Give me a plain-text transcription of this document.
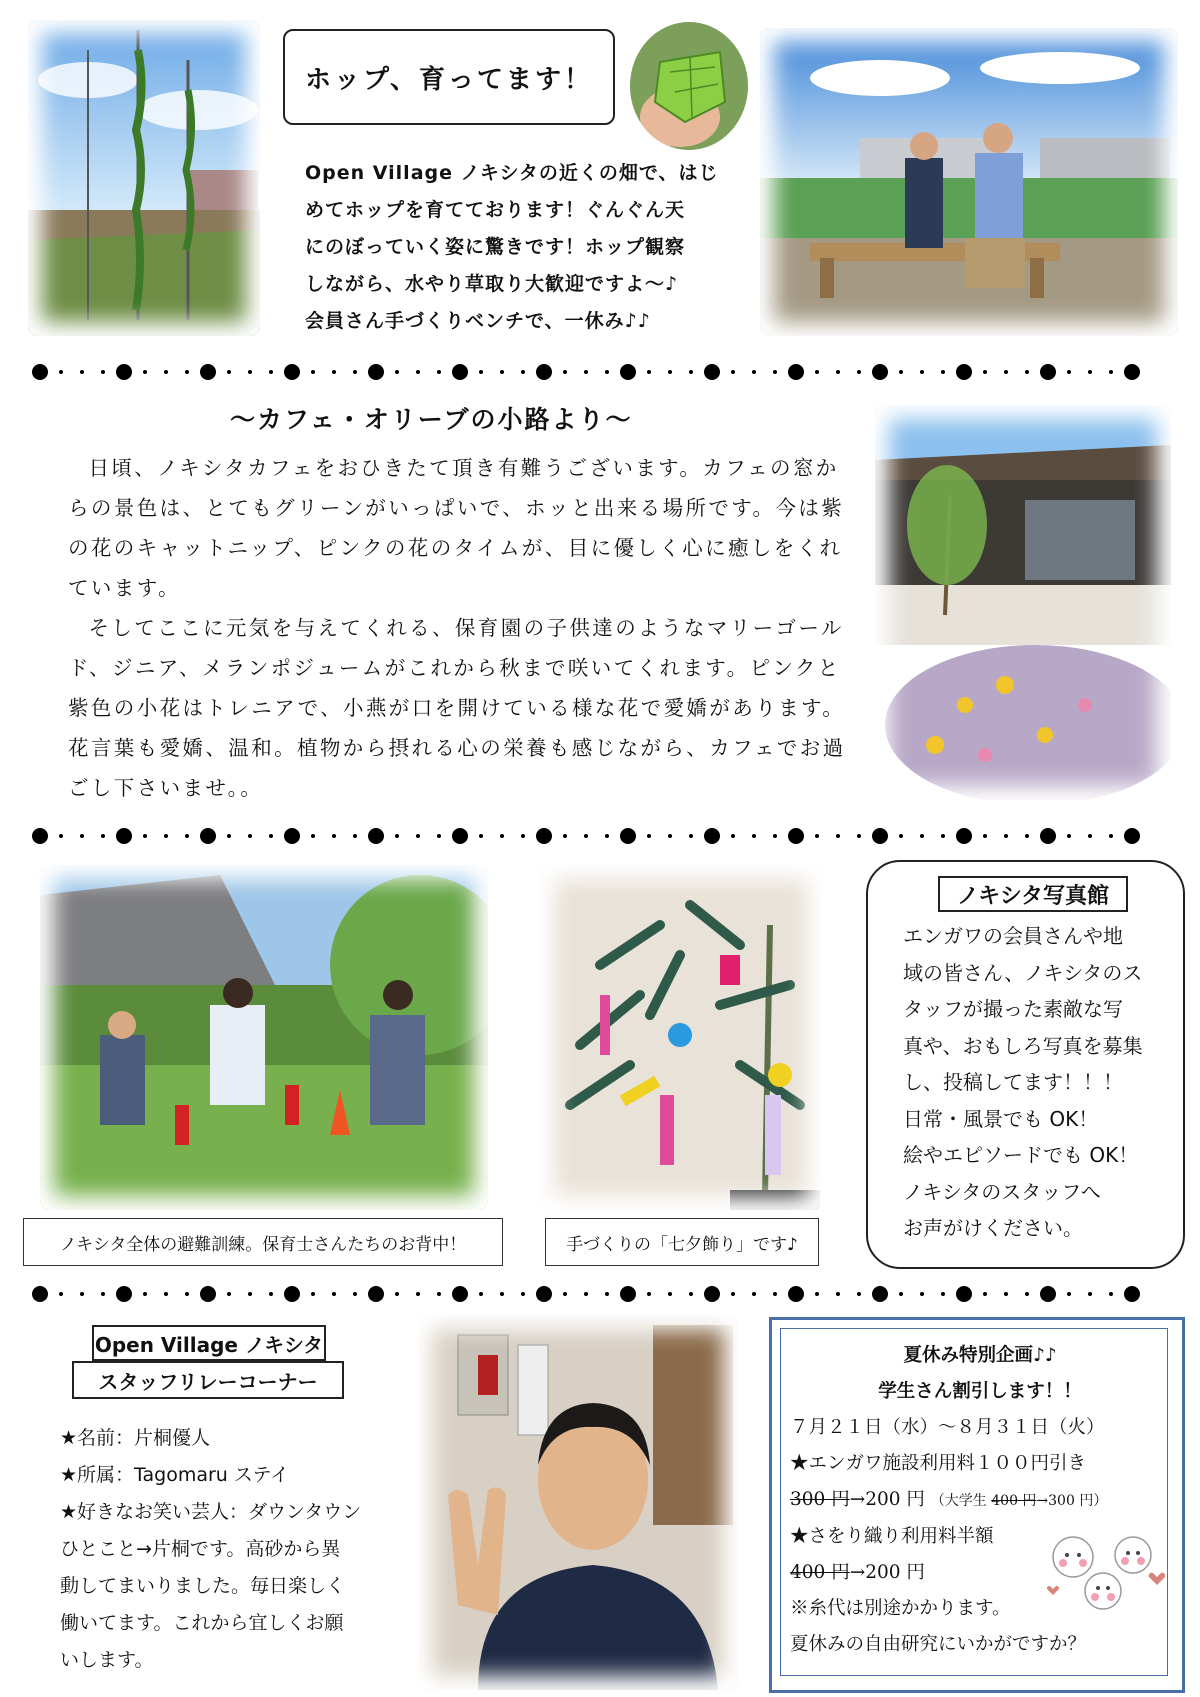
ホップ、育ってます！
Open Village ノキシタの近くの畑で、はじ
めてホップを育てております！ぐんぐん天
にのぼっていく姿に驚きです！ホップ観察
しながら、水やり草取り大歓迎ですよ～♪
会員さん手づくりベンチで、一休み♪♪
～カフェ・オリーブの小路より～

日頃、ノキシタカフェをおひきたて頂き有難うございます。カフェの窓からの景色は、とてもグリーンがいっぱいで、ホッと出来る場所です。今は紫の花のキャットニップ、ピンクの花のタイムが、目に優しく心に癒しをくれています。

そしてここに元気を与えてくれる、保育園の子供達のようなマリーゴールド、ジニア、メランポジュームがこれから秋まで咲いてくれます。ピンクと紫色の小花はトレニアで、小燕が口を開けている様な花で愛嬌があります。花言葉も愛嬌、温和。植物から摂れる心の栄養も感じながら、カフェでお過ごし下さいませ。。

ノキシタ全体の避難訓練。保育士さんたちのお背中！	手づくりの「七夕飾り」です♪
ノキシタ写真館
エンガワの会員さんや地
域の皆さん、ノキシタのス
タッフが撮った素敵な写
真や、おもしろ写真を募集
し、投稿してます！！！
日常・風景でも OK！
絵やエピソードでも OK！
ノキシタのスタッフへ
お声がけください。
Open Village ノキシタ
スタッフリレーコーナー
★名前：片桐優人
★所属：Tagomaru ステイ
★好きなお笑い芸人：ダウンタウン
ひとこと→片桐です。高砂から異
動してまいりました。毎日楽しく
働いてます。これから宜しくお願
いします。
夏休み特別企画♪♪
学生さん割引します！！
７月２１日（水）～８月３１日（火）
★エンガワ施設利用料１００円引き
300 円→200 円 （大学生 400 円→300 円）
★さをり織り利用料半額
400 円→200 円
※糸代は別途かかります。
夏休みの自由研究にいかがですか？
